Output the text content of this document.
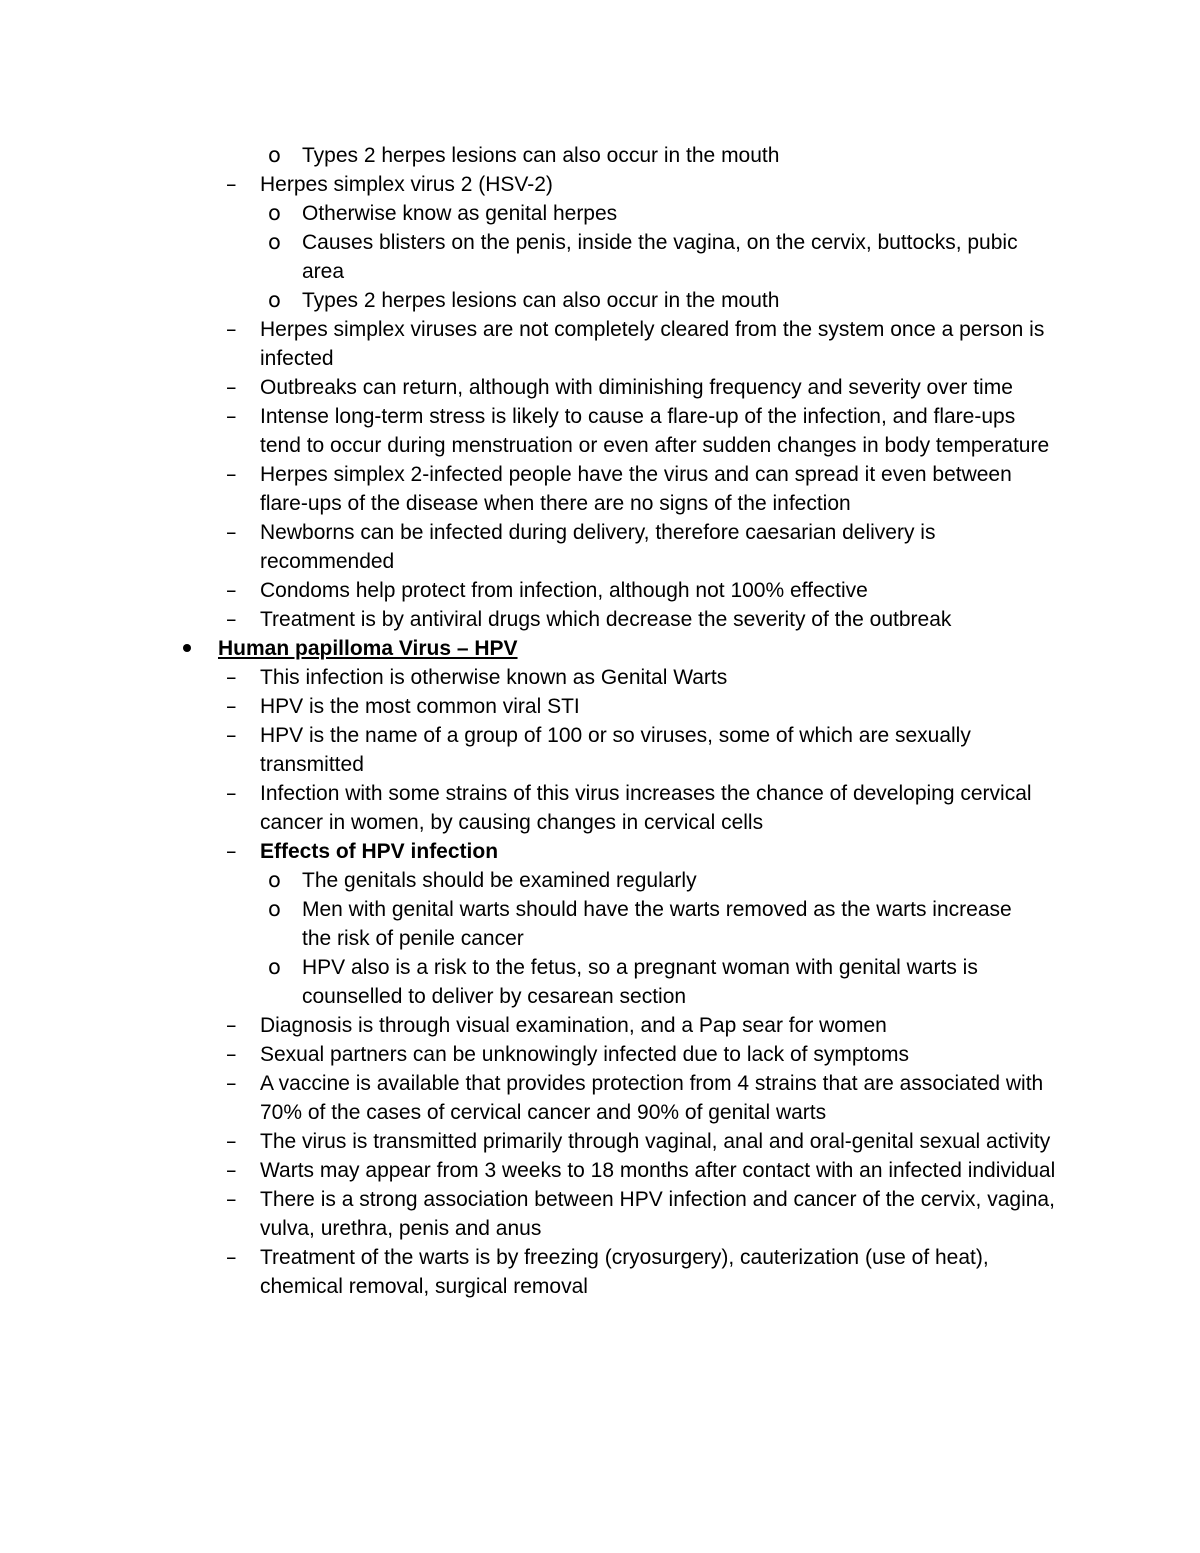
o	Types 2 herpes lesions can also occur in the mouth
–	Herpes simplex virus 2 (HSV-2)
o	Otherwise know as genital herpes
o	Causes blisters on the penis, inside the vagina, on the cervix, buttocks, pubic area
o	Types 2 herpes lesions can also occur in the mouth
–	Herpes simplex viruses are not completely cleared from the system once a person is infected
–	Outbreaks can return, although with diminishing frequency and severity over time
–	Intense long-term stress is likely to cause a flare-up of the infection, and flare-ups tend to occur during menstruation or even after sudden changes in body temperature
–	Herpes simplex 2-infected people have the virus and can spread it even between flare-ups of the disease when there are no signs of the infection
–	Newborns can be infected during delivery, therefore caesarian delivery is recommended
–	Condoms help protect from infection, although not 100% effective
–	Treatment is by antiviral drugs which decrease the severity of the outbreak
Human papilloma Virus – HPV
–	This infection is otherwise known as Genital Warts
–	HPV is the most common viral STI
–	HPV is the name of a group of 100 or so viruses, some of which are sexually transmitted
–	Infection with some strains of this virus increases the chance of developing cervical cancer in women, by causing changes in cervical cells
–	Effects of HPV infection
o	The genitals should be examined regularly
o	Men with genital warts should have the warts removed as the warts increase the risk of penile cancer
o	HPV also is a risk to the fetus, so a pregnant woman with genital warts is counselled to deliver by cesarean section
–	Diagnosis is through visual examination, and a Pap sear for women
–	Sexual partners can be unknowingly infected due to lack of symptoms
–	A vaccine is available that provides protection from 4 strains that are associated with 70% of the cases of cervical cancer and 90% of genital warts
–	The virus is transmitted primarily through vaginal, anal and oral-genital sexual activity
–	Warts may appear from 3 weeks to 18 months after contact with an infected individual
–	There is a strong association between HPV infection and cancer of the cervix, vagina, vulva, urethra, penis and anus
–	Treatment of the warts is by freezing (cryosurgery), cauterization (use of heat), chemical removal, surgical removal
